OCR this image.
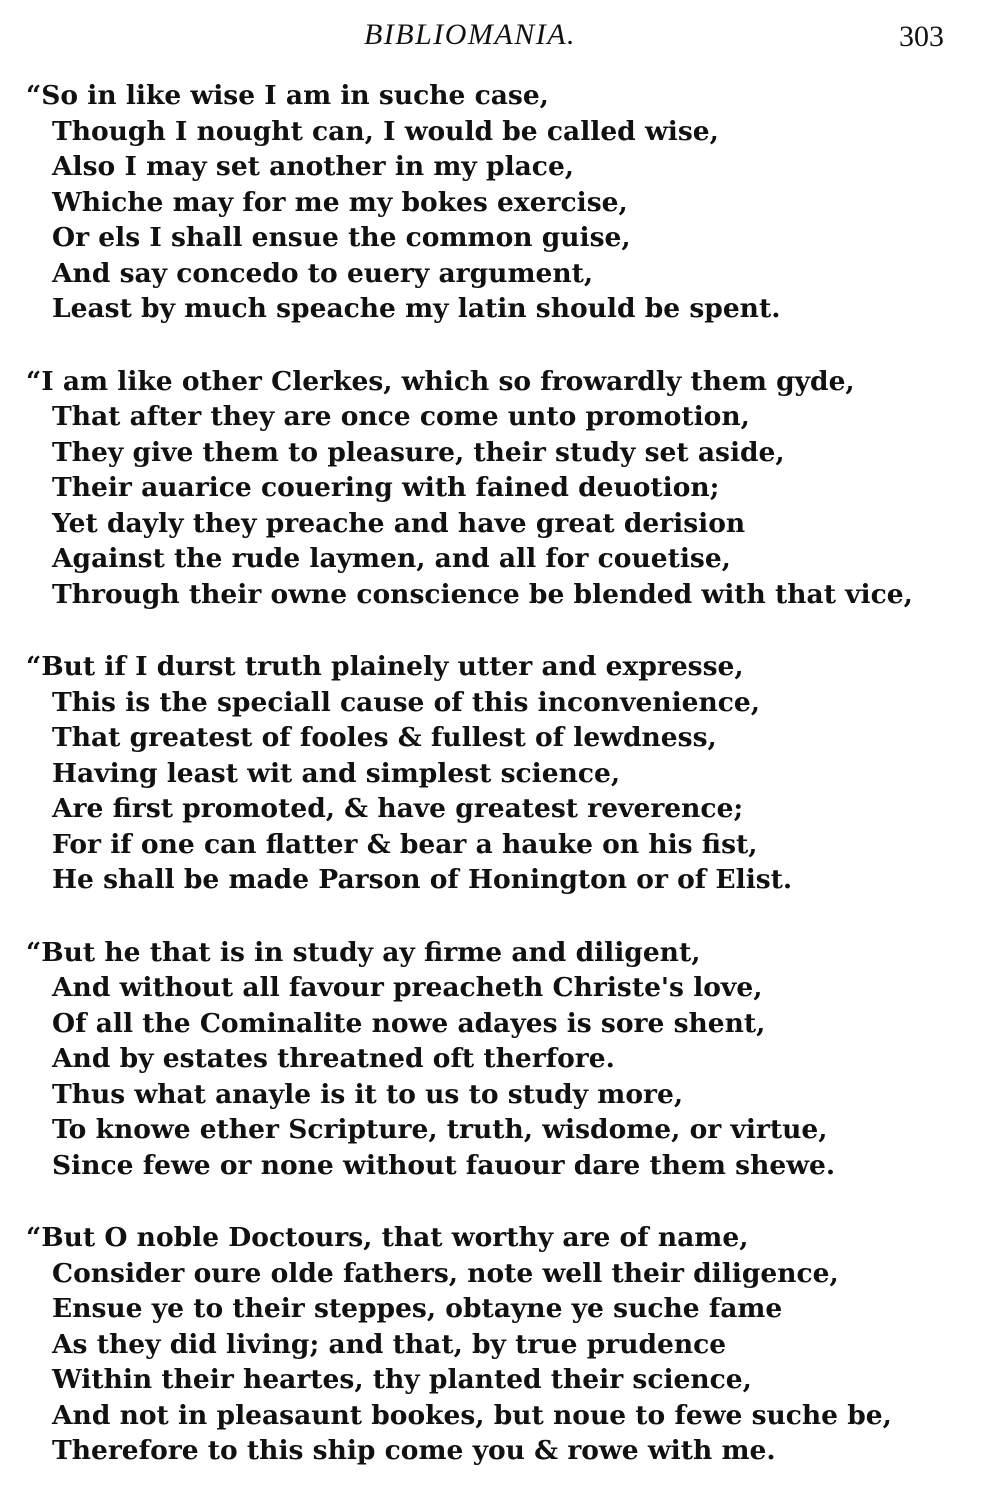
BIBLIOMANIA.	303
“So in like wise I am in suche case,
Though I nought can, I would be called wise,
Also I may set another in my place,
Whiche may for me my bokes exercise,
Or els I shall ensue the common guise,
And say concedo to euery argument,
Least by much speache my latin should be spent.
“I am like other Clerkes, which so frowardly them gyde,
That after they are once come unto promotion,
They give them to pleasure, their study set aside,
Their auarice couering with fained deuotion;
Yet dayly they preache and have great derision
Against the rude laymen, and all for couetise,
Through their owne conscience be blended with that vice,
“But if I durst truth plainely utter and expresse,
This is the speciall cause of this inconvenience,
That greatest of fooles & fullest of lewdness,
Having least wit and simplest science,
Are first promoted, & have greatest reverence;
For if one can flatter & bear a hauke on his fist,
He shall be made Parson of Honington or of Elist.
“But he that is in study ay firme and diligent,
And without all favour preacheth Christe's love,
Of all the Cominalite nowe adayes is sore shent,
And by estates threatned oft therfore.
Thus what anayle is it to us to study more,
To knowe ether Scripture, truth, wisdome, or virtue,
Since fewe or none without fauour dare them shewe.
“But O noble Doctours, that worthy are of name,
Consider oure olde fathers, note well their diligence,
Ensue ye to their steppes, obtayne ye suche fame
As they did living; and that, by true prudence
Within their heartes, thy planted their science,
And not in pleasaunt bookes, but noue to fewe suche be,
Therefore to this ship come you & rowe with me.
